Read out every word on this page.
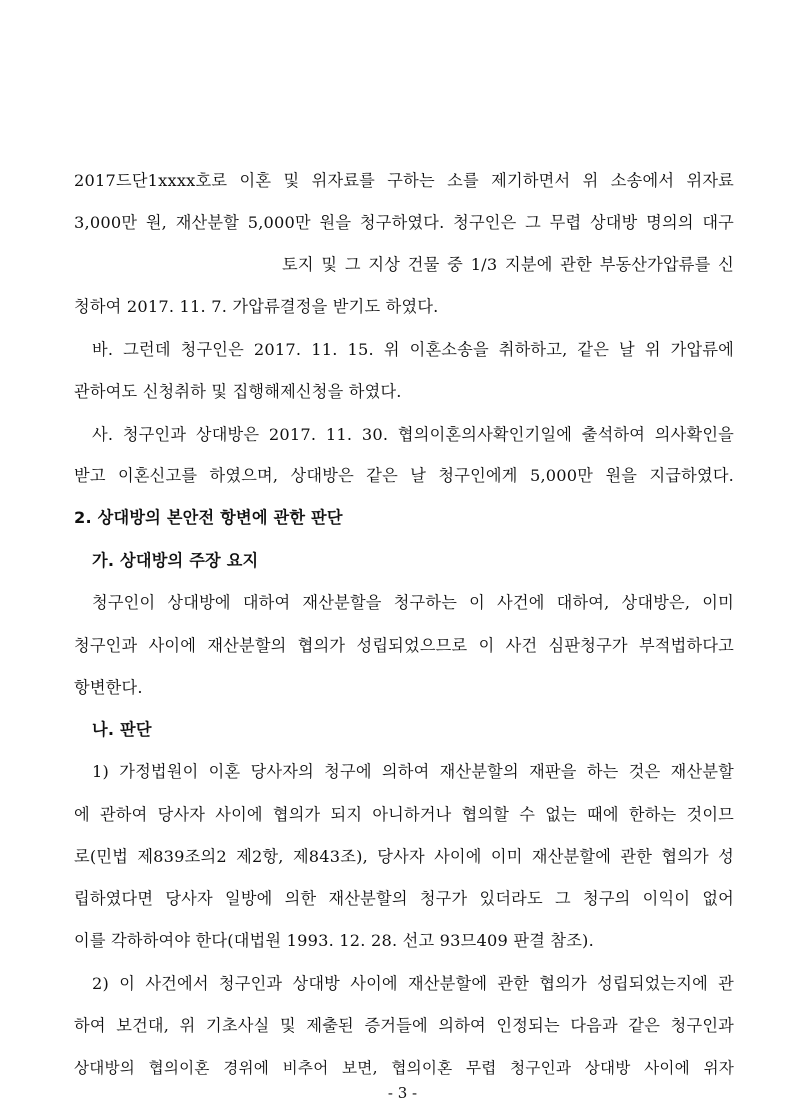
2017드단1xxxx호로 이혼 및 위자료를 구하는 소를 제기하면서 위 소송에서 위자료
3,000만 원, 재산분할 5,000만 원을 청구하였다. 청구인은 그 무렵 상대방 명의의 대구
토지 및 그 지상 건물 중 1/3 지분에 관한 부동산가압류를 신
청하여 2017. 11. 7. 가압류결정을 받기도 하였다.
바. 그런데 청구인은 2017. 11. 15. 위 이혼소송을 취하하고, 같은 날 위 가압류에
관하여도 신청취하 및 집행해제신청을 하였다.
사. 청구인과 상대방은 2017. 11. 30. 협의이혼의사확인기일에 출석하여 의사확인을
받고 이혼신고를 하였으며, 상대방은 같은 날 청구인에게 5,000만 원을 지급하였다.
2. 상대방의 본안전 항변에 관한 판단
가. 상대방의 주장 요지
청구인이 상대방에 대하여 재산분할을 청구하는 이 사건에 대하여, 상대방은, 이미
청구인과 사이에 재산분할의 협의가 성립되었으므로 이 사건 심판청구가 부적법하다고
항변한다.
나. 판단
1) 가정법원이 이혼 당사자의 청구에 의하여 재산분할의 재판을 하는 것은 재산분할
에 관하여 당사자 사이에 협의가 되지 아니하거나 협의할 수 없는 때에 한하는 것이므
로(민법 제839조의2 제2항, 제843조), 당사자 사이에 이미 재산분할에 관한 협의가 성
립하였다면 당사자 일방에 의한 재산분할의 청구가 있더라도 그 청구의 이익이 없어
이를 각하하여야 한다(대법원 1993. 12. 28. 선고 93므409 판결 참조).
2) 이 사건에서 청구인과 상대방 사이에 재산분할에 관한 협의가 성립되었는지에 관
하여 보건대, 위 기초사실 및 제출된 증거들에 의하여 인정되는 다음과 같은 청구인과
상대방의 협의이혼 경위에 비추어 보면, 협의이혼 무렵 청구인과 상대방 사이에 위자
- 3 -
